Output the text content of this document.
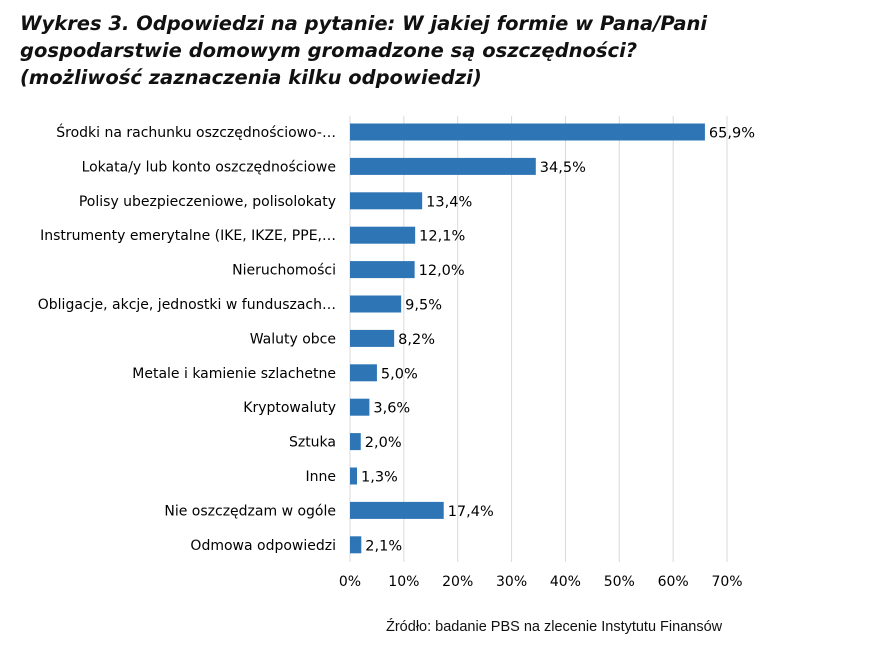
Wykres 3. Odpowiedzi na pytanie: W jakiej formie w Pana/Pani
gospodarstwie domowym gromadzone są oszczędności?
(możliwość zaznaczenia kilku odpowiedzi)
Środki na rachunku oszczędnościowo-…
Lokata/y lub konto oszczędnościowe
Polisy ubezpieczeniowe, polisolokaty
Instrumenty emerytalne (IKE, IKZE, PPE,…
Nieruchomości
Obligacje, akcje, jednostki w funduszach…
Waluty obce
Metale i kamienie szlachetne
Kryptowaluty
Sztuka
Inne
Nie oszczędzam w ogóle
Odmowa odpowiedzi
65,9%
34,5%
13,4%
12,1%
12,0%
9,5%
8,2%
5,0%
3,6%
2,0%
1,3%
17,4%
2,1%
0% 10% 20% 30% 40% 50% 60% 70%
Źródło: badanie PBS na zlecenie Instytutu Finansów
